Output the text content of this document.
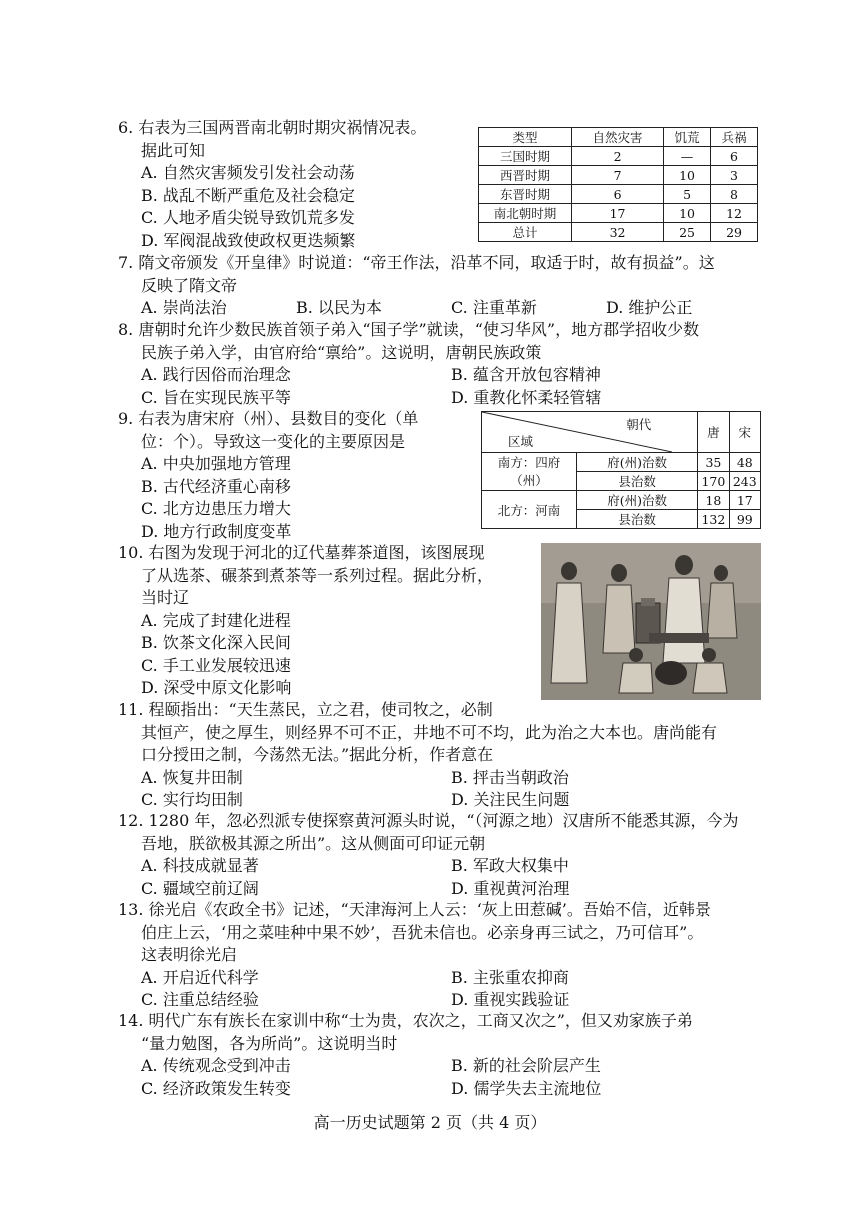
6. 右表为三国两晋南北朝时期灾祸情况表。
据此可知
A. 自然灾害频发引发社会动荡
B. 战乱不断严重危及社会稳定
C. 人地矛盾尖锐导致饥荒多发
D. 军阀混战致使政权更迭频繁
类型	自然灾害	饥荒	兵祸
三国时期	2	—	6
西晋时期	7	10	3
东晋时期	6	5	8
南北朝时期	17	10	12
总计	32	25	29
7. 隋文帝颁发《开皇律》时说道：“帝王作法，沿革不同，取适于时，故有损益”。这
反映了隋文帝
A. 崇尚法治	B. 以民为本	C. 注重革新	D. 维护公正
8. 唐朝时允许少数民族首领子弟入“国子学”就读，“使习华风”，地方郡学招收少数
民族子弟入学，由官府给“禀给”。这说明，唐朝民族政策
A. 践行因俗而治理念	B. 蕴含开放包容精神
C. 旨在实现民族平等	D. 重教化怀柔轻管辖
9. 右表为唐宋府（州）、县数目的变化（单
位：个）。导致这一变化的主要原因是
A. 中央加强地方管理
B. 古代经济重心南移
C. 北方边患压力增大
D. 地方行政制度变革
朝代
区域		唐	宋
南方：四府
（州）	府(州)治数	35	48
	县治数	170	243
北方：河南	府(州)治数	18	17
	县治数	132	99
10. 右图为发现于河北的辽代墓葬茶道图，该图展现
了从选茶、碾茶到煮茶等一系列过程。据此分析，
当时辽
A. 完成了封建化进程
B. 饮茶文化深入民间
C. 手工业发展较迅速
D. 深受中原文化影响
11. 程颐指出：“天生蒸民，立之君，使司牧之，必制
其恒产，使之厚生，则经界不可不正，井地不可不均，此为治之大本也。唐尚能有
口分授田之制，今荡然无法。”据此分析，作者意在
A. 恢复井田制	B. 抨击当朝政治
C. 实行均田制	D. 关注民生问题
12. 1280 年，忽必烈派专使探察黄河源头时说，“（河源之地）汉唐所不能悉其源，今为
吾地，朕欲极其源之所出”。这从侧面可印证元朝
A. 科技成就显著	B. 军政大权集中
C. 疆域空前辽阔	D. 重视黄河治理
13. 徐光启《农政全书》记述，“天津海河上人云：‘灰上田惹碱’。吾始不信，近韩景
伯庄上云，‘用之菜哇种中果不妙’，吾犹未信也。必亲身再三试之，乃可信耳”。
这表明徐光启
A. 开启近代科学	B. 主张重农抑商
C. 注重总结经验	D. 重视实践验证
14. 明代广东有族长在家训中称“士为贵，农次之，工商又次之”，但又劝家族子弟
“量力勉图，各为所尚”。这说明当时
A. 传统观念受到冲击	B. 新的社会阶层产生
C. 经济政策发生转变	D. 儒学失去主流地位
高一历史试题第 2 页（共 4 页）
